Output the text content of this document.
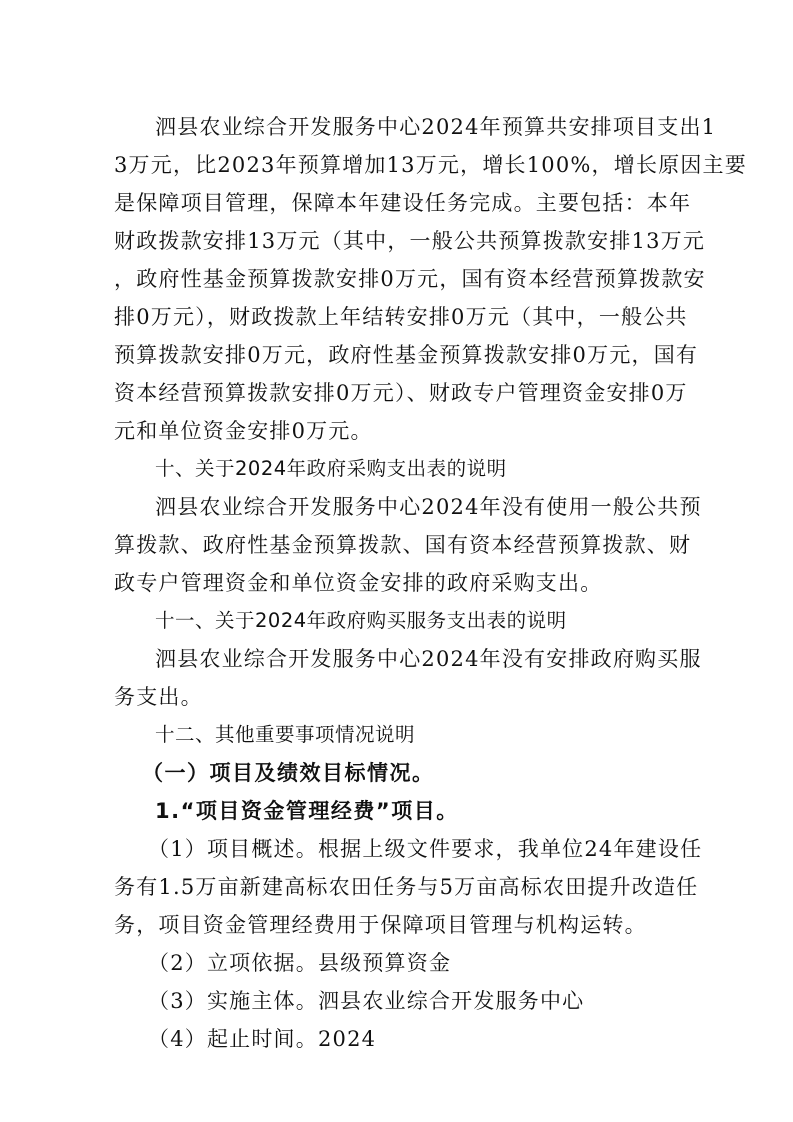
泗县农业综合开发服务中心2024年预算共安排项目支出1
3万元，比2023年预算增加13万元，增长100%，增长原因主要
是保障项目管理，保障本年建设任务完成。主要包括：本年
财政拨款安排13万元（其中，一般公共预算拨款安排13万元
，政府性基金预算拨款安排0万元，国有资本经营预算拨款安
排0万元），财政拨款上年结转安排0万元（其中，一般公共
预算拨款安排0万元，政府性基金预算拨款安排0万元，国有
资本经营预算拨款安排0万元）、财政专户管理资金安排0万
元和单位资金安排0万元。
十、关于2024年政府采购支出表的说明
泗县农业综合开发服务中心2024年没有使用一般公共预
算拨款、政府性基金预算拨款、国有资本经营预算拨款、财
政专户管理资金和单位资金安排的政府采购支出。
十一、关于2024年政府购买服务支出表的说明
泗县农业综合开发服务中心2024年没有安排政府购买服
务支出。
十二、其他重要事项情况说明
（一）项目及绩效目标情况。
1.“项目资金管理经费”项目。
（1）项目概述。根据上级文件要求，我单位24年建设任
务有1.5万亩新建高标农田任务与5万亩高标农田提升改造任
务，项目资金管理经费用于保障项目管理与机构运转。
（2）立项依据。县级预算资金
（3）实施主体。泗县农业综合开发服务中心
（4）起止时间。2024
